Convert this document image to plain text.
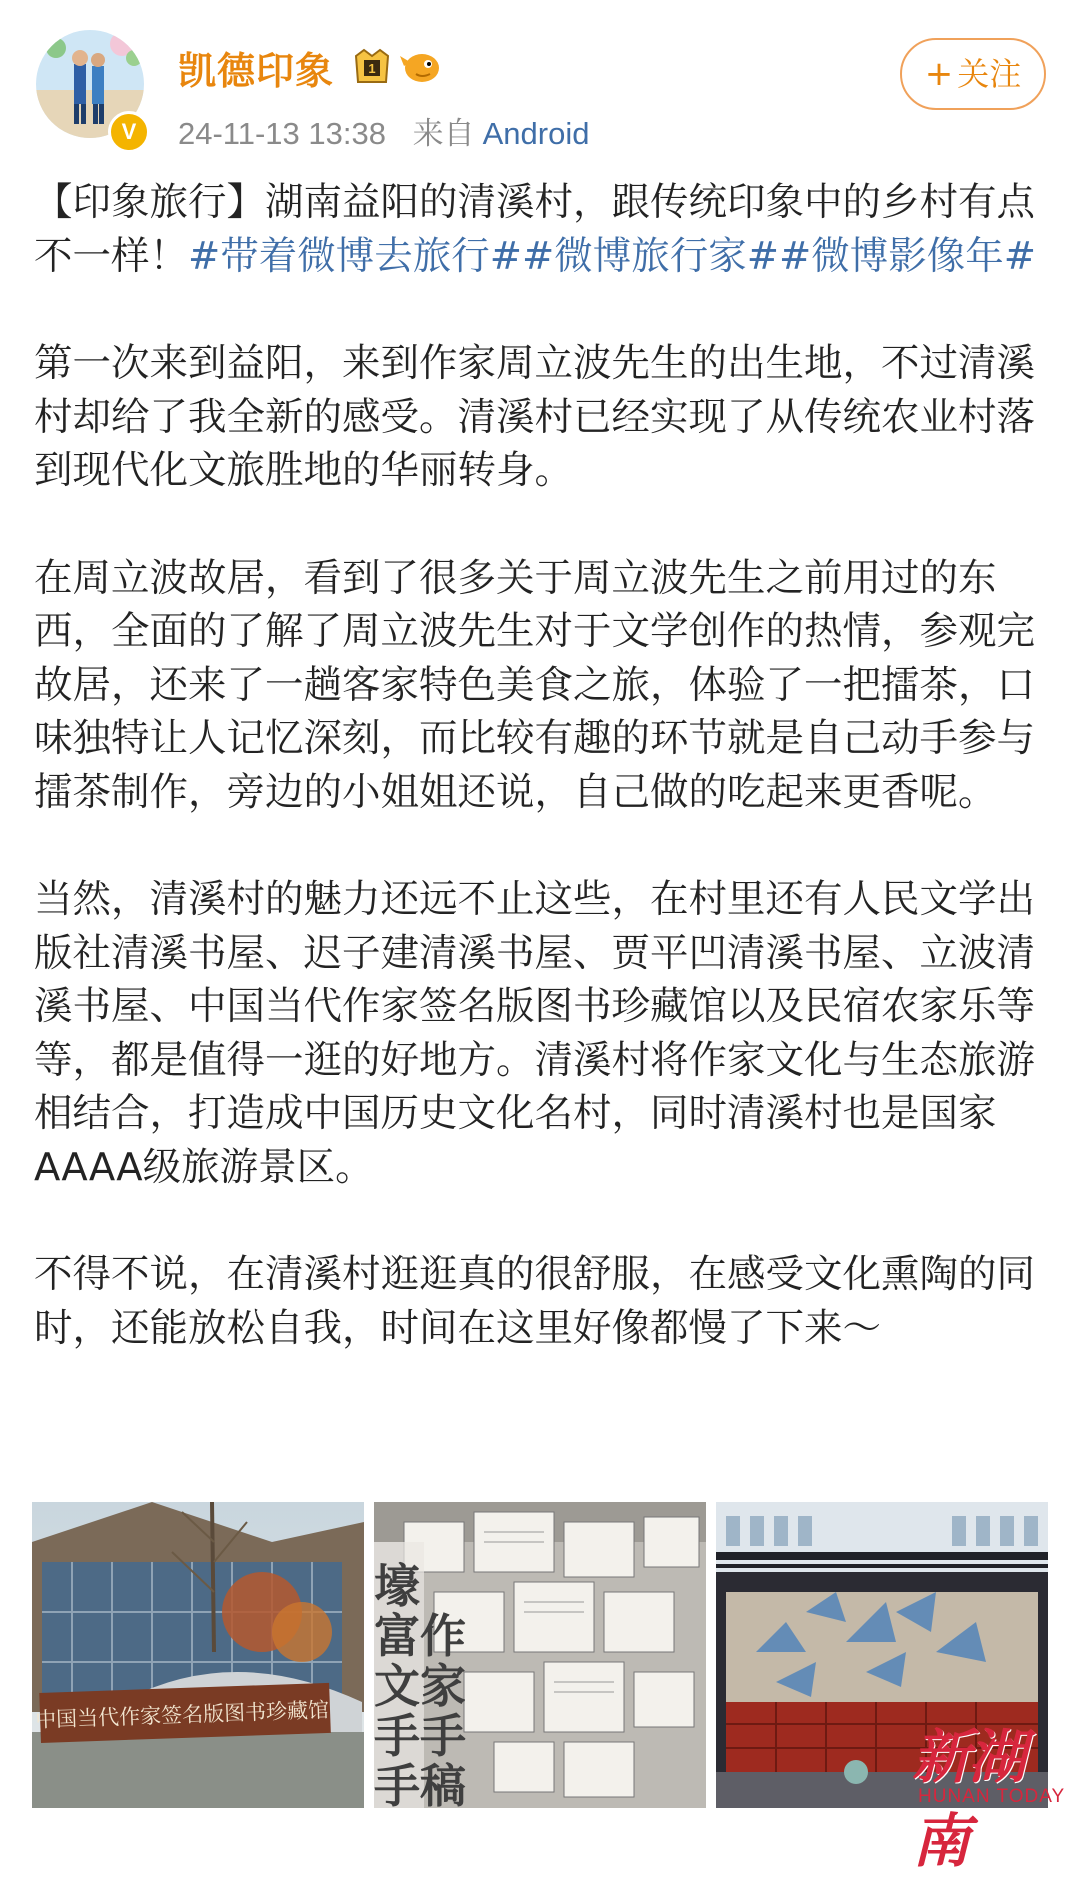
V
凯德印象	1
24-11-13 13:38 来自 Android
+ 关注

【印象旅行】湖南益阳的清溪村，跟传统印象中的乡村有点不一样！#带着微博去旅行##微博旅行家##微博影像年#

第一次来到益阳，来到作家周立波先生的出生地，不过清溪村却给了我全新的感受。清溪村已经实现了从传统农业村落到现代化文旅胜地的华丽转身。

在周立波故居，看到了很多关于周立波先生之前用过的东西，全面的了解了周立波先生对于文学创作的热情，参观完故居，还来了一趟客家特色美食之旅，体验了一把擂茶，口味独特让人记忆深刻，而比较有趣的环节就是自己动手参与擂茶制作，旁边的小姐姐还说，自己做的吃起来更香呢。

当然，清溪村的魅力还远不止这些，在村里还有人民文学出版社清溪书屋、迟子建清溪书屋、贾平凹清溪书屋、立波清溪书屋、中国当代作家签名版图书珍藏馆以及民宿农家乐等等，都是值得一逛的好地方。清溪村将作家文化与生态旅游相结合，打造成中国历史文化名村，同时清溪村也是国家AAAA级旅游景区。

不得不说，在清溪村逛逛真的很舒服，在感受文化熏陶的同时，还能放松自我，时间在这里好像都慢了下来～

中国当代作家签名版图书珍藏馆
壕
富作
文家
手手
手稿	新湖南
HUNAN TODAY
